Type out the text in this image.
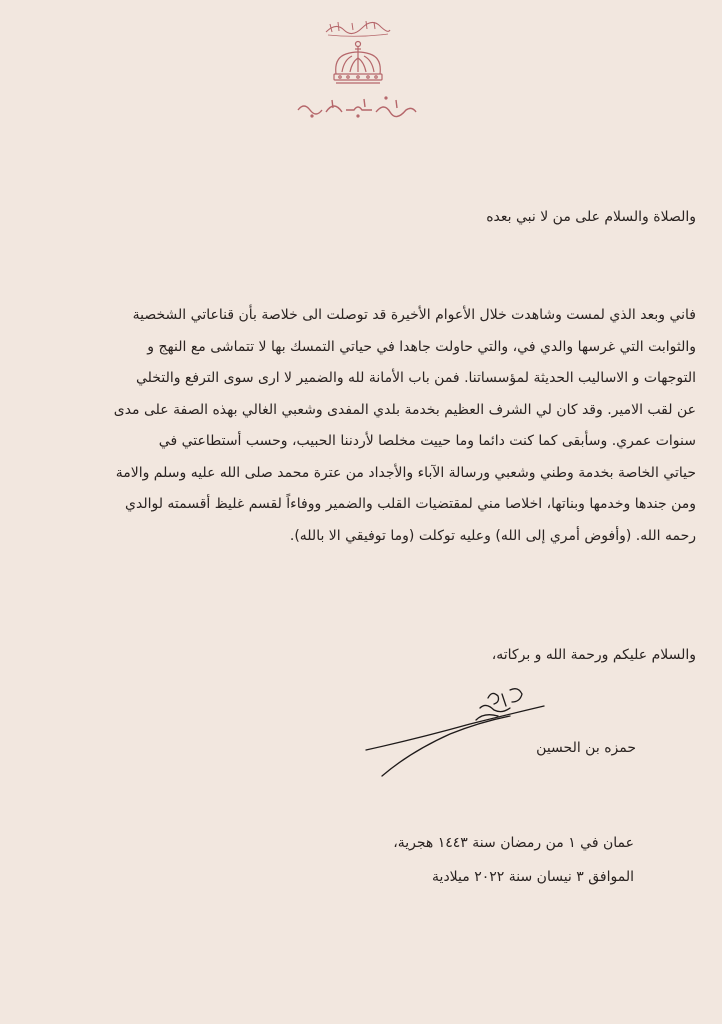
والصلاة والسلام على من لا نبي بعده
فاني وبعد الذي لمست وشاهدت خلال الأعوام الأخيرة قد توصلت الى خلاصة بأن قناعاتي الشخصية
والثوابت التي غرسها والدي في، والتي حاولت جاهدا في حياتي التمسك بها لا تتماشى مع النهج و
التوجهات و الاساليب الحديثة لمؤسساتنا. فمن باب الأمانة لله والضمير لا ارى سوى الترفع والتخلي
عن لقب الامير. وقد كان لي الشرف العظيم بخدمة بلدي المفدى وشعبي الغالي بهذه الصفة على مدى
سنوات عمري. وسأبقى كما كنت دائما وما حييت مخلصا لأردننا الحبيب، وحسب أستطاعتي في
حياتي الخاصة بخدمة وطني وشعبي ورسالة الآباء والأجداد من عترة محمد صلى الله عليه وسلم والامة
ومن جندها وخدمها وبناتها، اخلاصا مني لمقتضيات القلب والضمير ووفاءاً لقسم غليظ أقسمته لوالدي
رحمه الله. (وأفوض أمري إلى الله) وعليه توكلت (وما توفيقي الا بالله).
والسلام عليكم ورحمة الله و بركاته،
حمزه بن الحسين
عمان في ١ من رمضان سنة ١٤٤٣ هجرية،
الموافق ٣ نيسان سنة ٢٠٢٢ ميلادية
